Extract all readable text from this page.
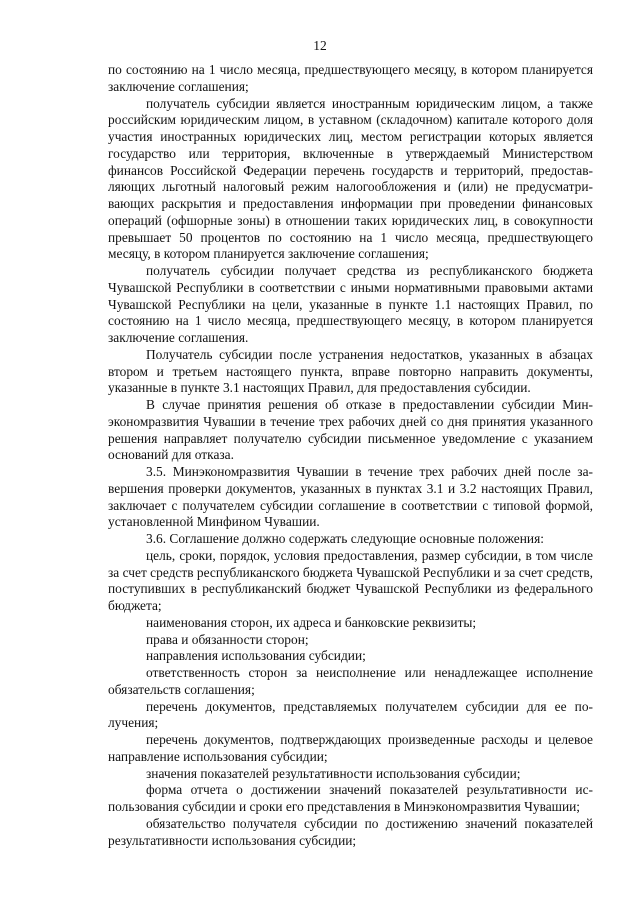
12

по состоянию на 1 число месяца, предшествующего месяцу, в котором планируется заключение соглашения;

получатель субсидии является иностранным юридическим лицом, а также российским юридическим лицом, в уставном (складочном) капитале которого доля участия иностранных юридических лиц, местом регистрации которых является государство или территория, включенные в утверждаемый Министерством финансов Российской Федерации перечень государств и территорий, предоставляющих льготный налоговый режим налогообложения и (или) не предусматривающих раскрытия и предоставления информации при проведении финансовых операций (офшорные зоны) в отношении таких юридических лиц, в совокупности превышает 50 процентов по состоянию на 1 число месяца, предшествующего месяцу, в котором планируется заключение соглашения;

получатель субсидии получает средства из республиканского бюджета Чувашской Республики в соответствии с иными нормативными правовыми актами Чувашской Республики на цели, указанные в пункте 1.1 настоящих Правил, по состоянию на 1 число месяца, предшествующего месяцу, в котором планируется заключение соглашения.

Получатель субсидии после устранения недостатков, указанных в абзацах втором и третьем настоящего пункта, вправе повторно направить документы, указанные в пункте 3.1 настоящих Правил, для предоставления субсидии.

В случае принятия решения об отказе в предоставлении субсидии Минэкономразвития Чувашии в течение трех рабочих дней со дня принятия указанного решения направляет получателю субсидии письменное уведомление с указанием оснований для отказа.

3.5. Минэкономразвития Чувашии в течение трех рабочих дней после завершения проверки документов, указанных в пунктах 3.1 и 3.2 настоящих Правил, заключает с получателем субсидии соглашение в соответствии с типовой формой, установленной Минфином Чувашии.

3.6. Соглашение должно содержать следующие основные положения:

цель, сроки, порядок, условия предоставления, размер субсидии, в том числе за счет средств республиканского бюджета Чувашской Республики и за счет средств, поступивших в республиканский бюджет Чувашской Республики из федерального бюджета;

наименования сторон, их адреса и банковские реквизиты;

права и обязанности сторон;

направления использования субсидии;

ответственность сторон за неисполнение или ненадлежащее исполнение обязательств соглашения;

перечень документов, представляемых получателем субсидии для ее получения;

перечень документов, подтверждающих произведенные расходы и целевое направление использования субсидии;

значения показателей результативности использования субсидии;

форма отчета о достижении значений показателей результативности использования субсидии и сроки его представления в Минэкономразвития Чувашии;

обязательство получателя субсидии по достижению значений показателей результативности использования субсидии;
